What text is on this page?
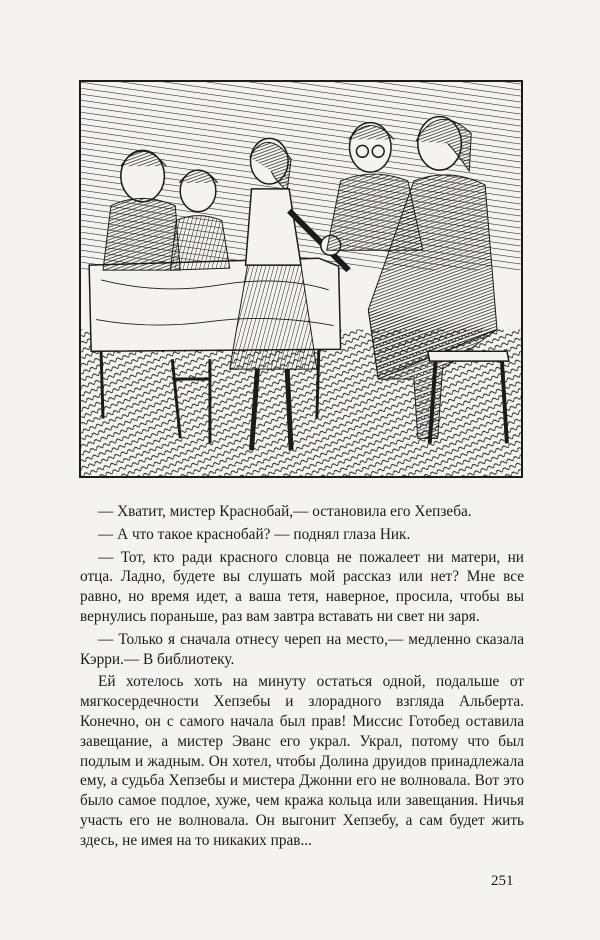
— Хватит, мистер Краснобай,— остановила его Хепзеба.

— А что такое краснобай? — поднял глаза Ник.

— Тот, кто ради красного словца не пожалеет ни матери, ни отца. Ладно, будете вы слушать мой рассказ или нет? Мне все равно, но время идет, а ваша тетя, наверное, просила, чтобы вы вернулись пораньше, раз вам завтра вставать ни свет ни заря.

— Только я сначала отнесу череп на место,— медленно сказала Кэрри.— В библиотеку.

Ей хотелось хоть на минуту остаться одной, подальше от мягкосердечности Хепзебы и злорадного взгляда Альберта. Конечно, он с самого начала был прав! Миссис Готобед оставила завещание, а мистер Эванс его украл. Украл, потому что был подлым и жадным. Он хотел, чтобы Долина друидов принадлежала ему, а судьба Хепзебы и мистера Джонни его не волновала. Вот это было самое подлое, хуже, чем кража кольца или завещания. Ничья участь его не волновала. Он выгонит Хепзебу, а сам будет жить здесь, не имея на то никаких прав...

251
